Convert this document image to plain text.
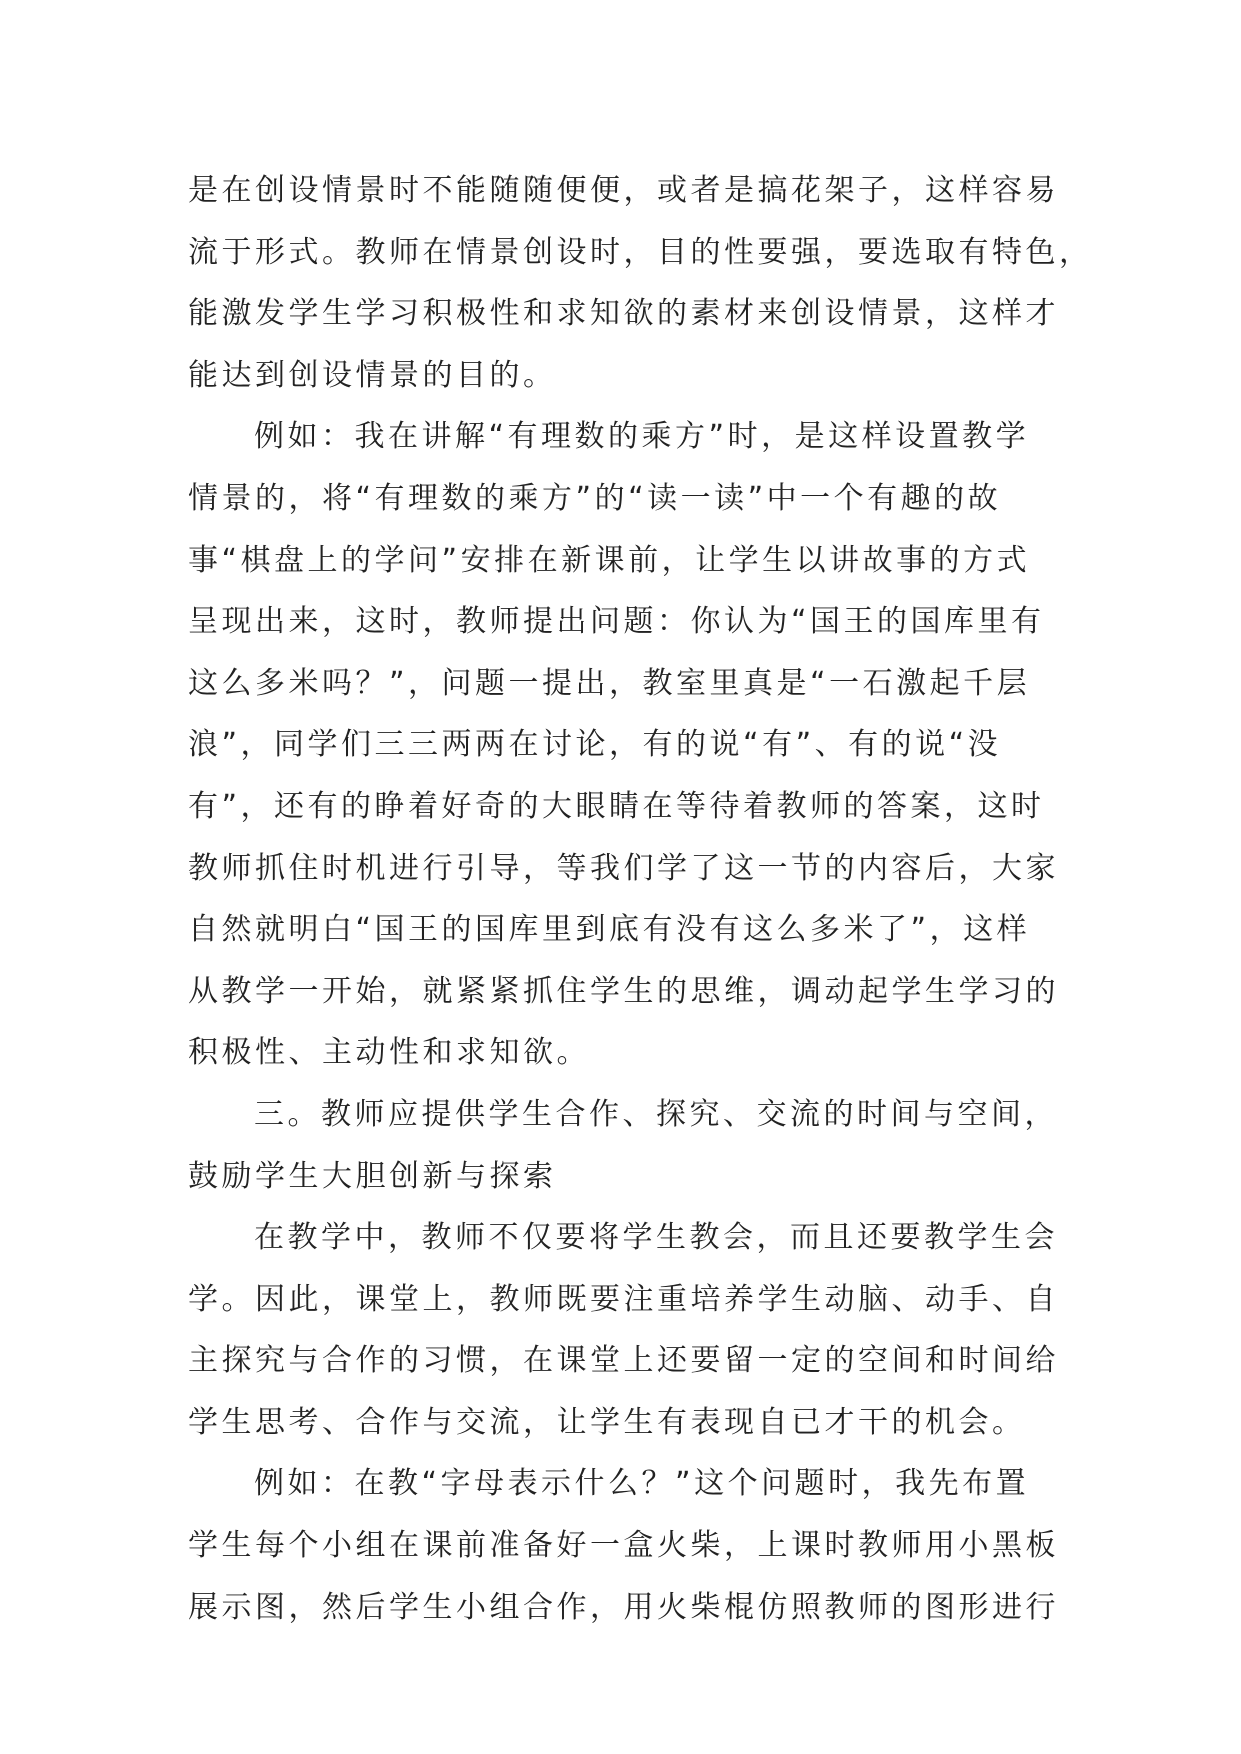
是在创设情景时不能随随便便，或者是搞花架子，这样容易
流于形式。教师在情景创设时，目的性要强，要选取有特色，
能激发学生学习积极性和求知欲的素材来创设情景，这样才
能达到创设情景的目的。
例如：我在讲解“有理数的乘方”时，是这样设置教学
情景的，将“有理数的乘方”的“读一读”中一个有趣的故
事“棋盘上的学问”安排在新课前，让学生以讲故事的方式
呈现出来，这时，教师提出问题：你认为“国王的国库里有
这么多米吗？”，问题一提出，教室里真是“一石激起千层
浪”，同学们三三两两在讨论，有的说“有”、有的说“没
有”，还有的睁着好奇的大眼睛在等待着教师的答案，这时
教师抓住时机进行引导，等我们学了这一节的内容后，大家
自然就明白“国王的国库里到底有没有这么多米了”，这样
从教学一开始，就紧紧抓住学生的思维，调动起学生学习的
积极性、主动性和求知欲。
三。教师应提供学生合作、探究、交流的时间与空间，
鼓励学生大胆创新与探索
在教学中，教师不仅要将学生教会，而且还要教学生会
学。因此，课堂上，教师既要注重培养学生动脑、动手、自
主探究与合作的习惯，在课堂上还要留一定的空间和时间给
学生思考、合作与交流，让学生有表现自已才干的机会。
例如：在教“字母表示什么？”这个问题时，我先布置
学生每个小组在课前准备好一盒火柴，上课时教师用小黑板
展示图，然后学生小组合作，用火柴棍仿照教师的图形进行
